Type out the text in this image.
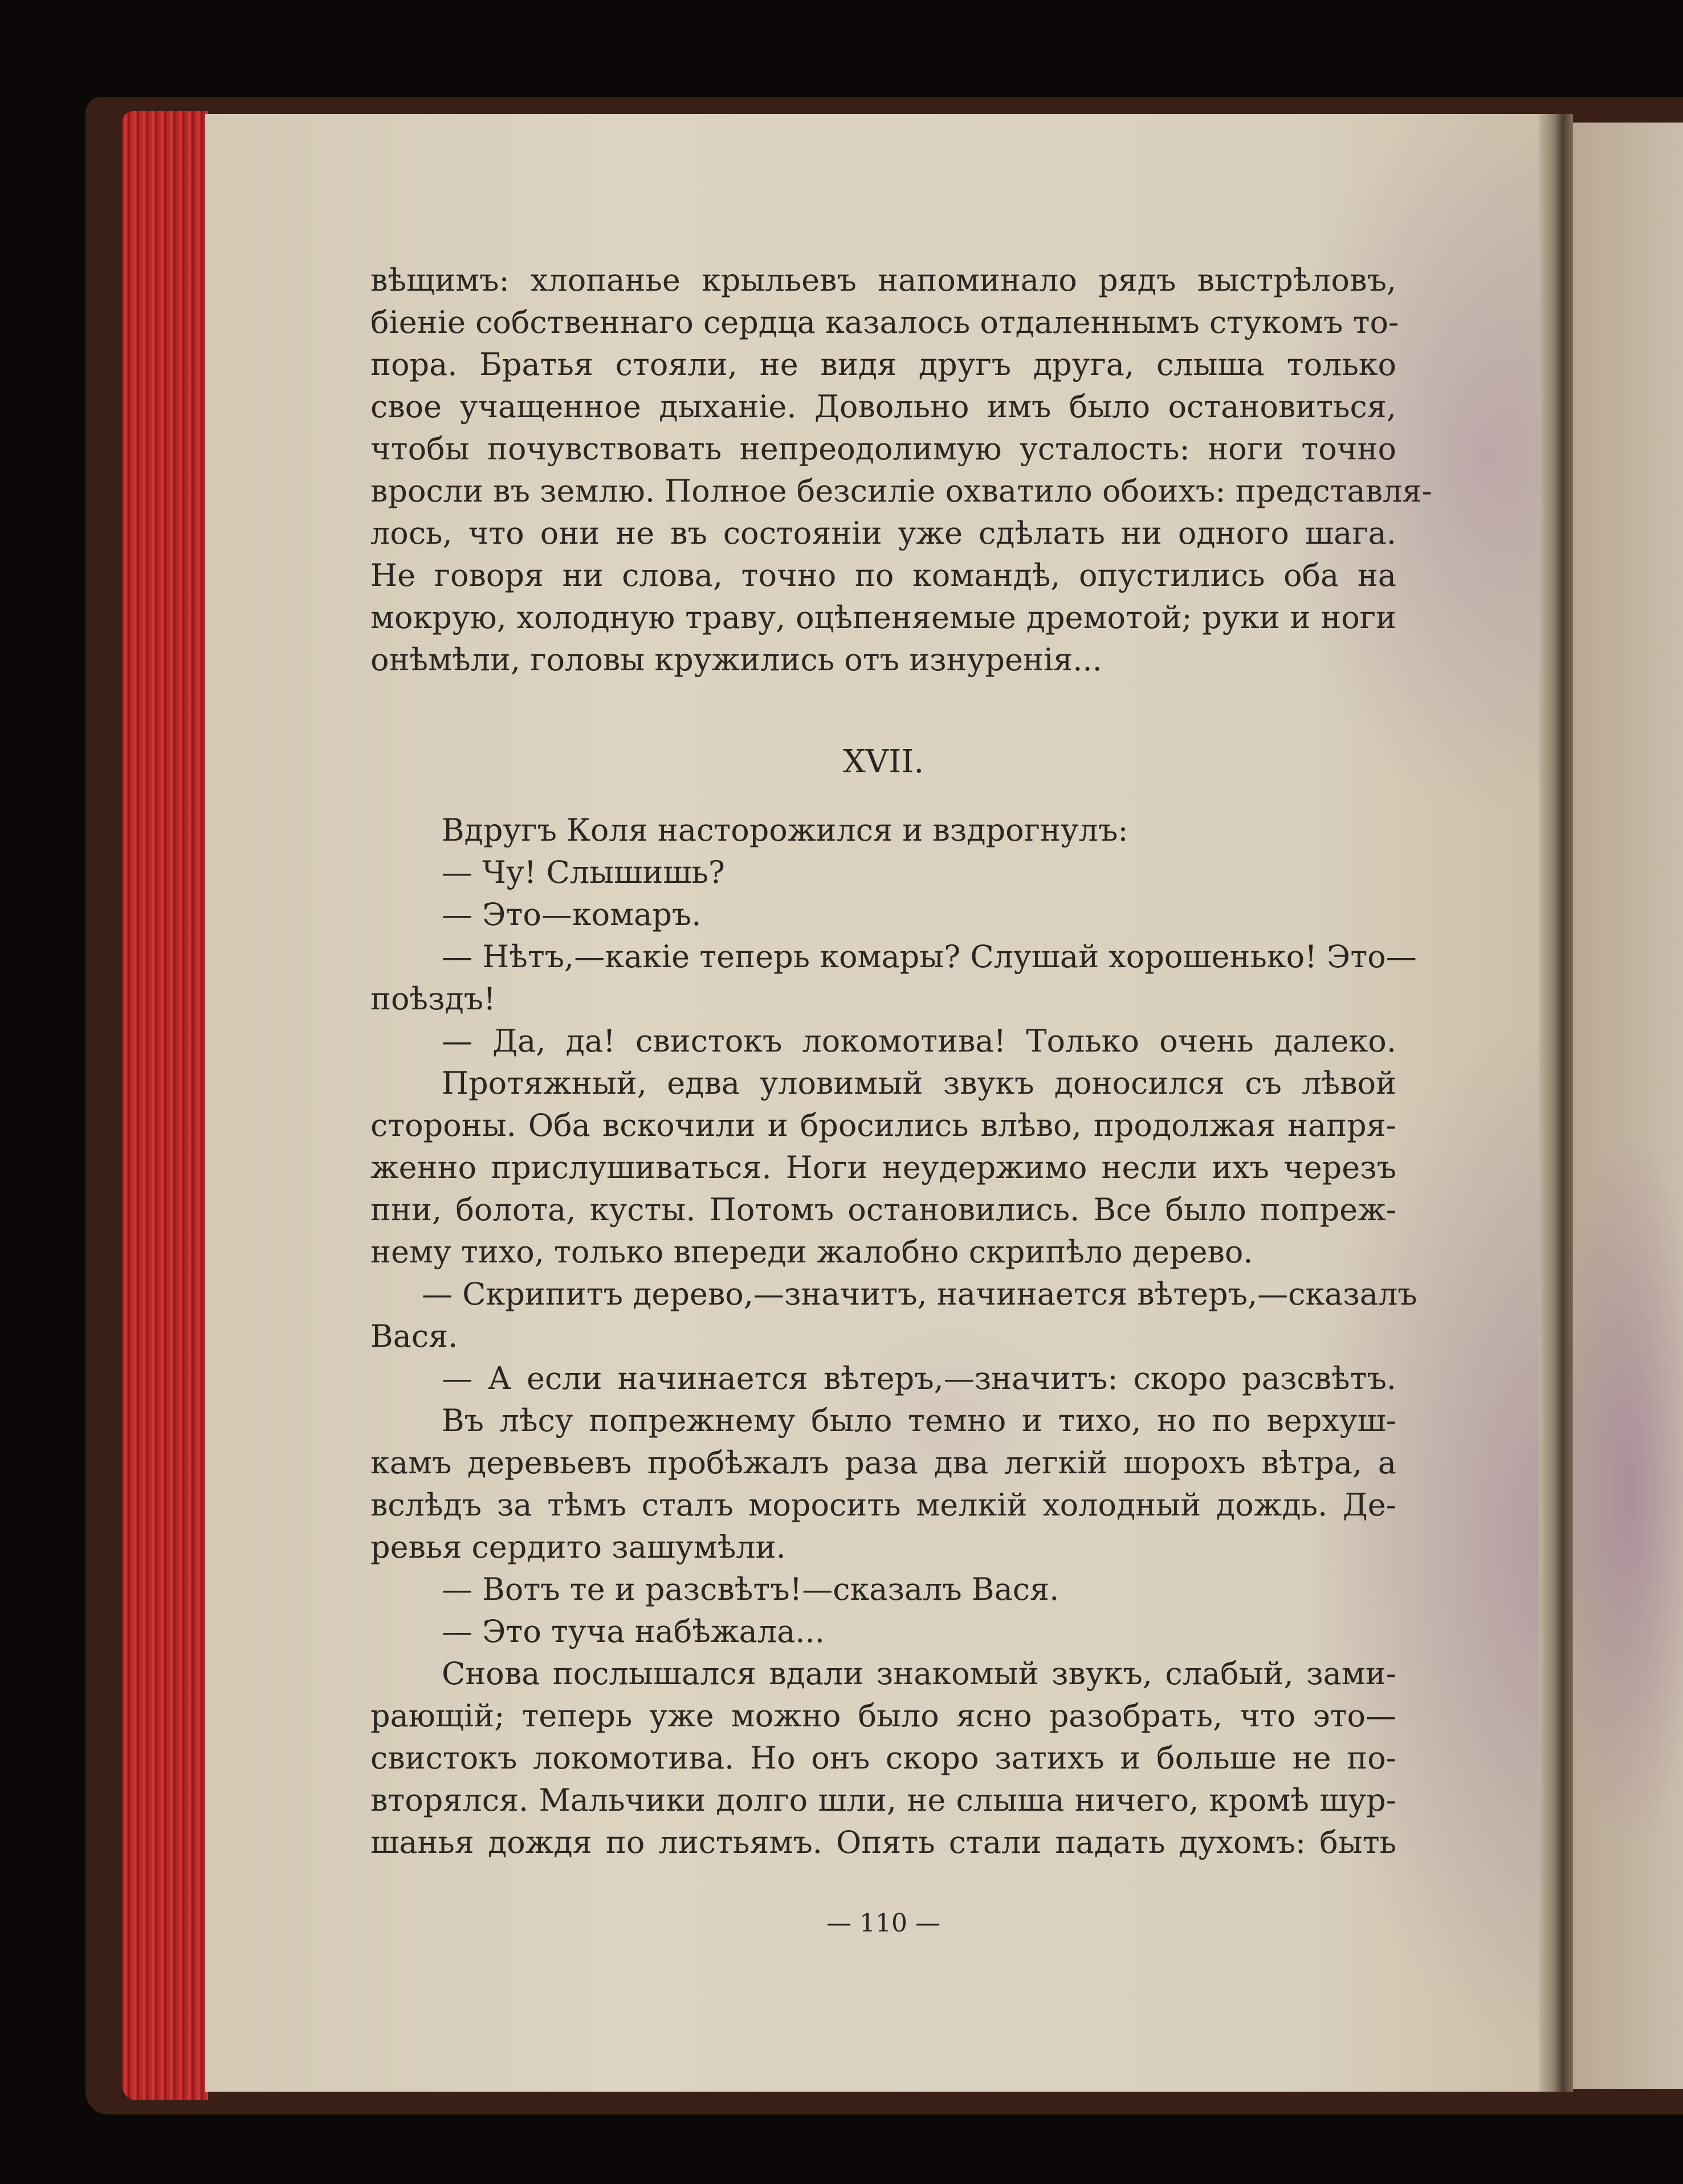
вѣщимъ: хлопанье крыльевъ напоминало рядъ выстрѣловъ,
біеніе собственнаго сердца казалось отдаленнымъ стукомъ то-
пора. Братья стояли, не видя другъ друга, слыша только
свое учащенное дыханіе. Довольно имъ было остановиться,
чтобы почувствовать непреодолимую усталость: ноги точно
вросли въ землю. Полное безсиліе охватило обоихъ: представля-
лось, что они не въ состояніи уже сдѣлать ни одного шага.
Не говоря ни слова, точно по командѣ, опустились оба на
мокрую, холодную траву, оцѣпеняемые дремотой; руки и ноги
онѣмѣли, головы кружились отъ изнуренія...
XVII.
Вдругъ Коля насторожился и вздрогнулъ:
— Чу! Слышишь?
— Это—комаръ.
— Нѣтъ,—какіе теперь комары? Слушай хорошенько! Это—
поѣздъ!
— Да, да! свистокъ локомотива! Только очень далеко.
Протяжный, едва уловимый звукъ доносился съ лѣвой
стороны. Оба вскочили и бросились влѣво, продолжая напря-
женно прислушиваться. Ноги неудержимо несли ихъ черезъ
пни, болота, кусты. Потомъ остановились. Все было попреж-
нему тихо, только впереди жалобно скрипѣло дерево.
— Скрипитъ дерево,—значитъ, начинается вѣтеръ,—сказалъ
Вася.
— А если начинается вѣтеръ,—значитъ: скоро разсвѣтъ.
Въ лѣсу попрежнему было темно и тихо, но по верхуш-
камъ деревьевъ пробѣжалъ раза два легкій шорохъ вѣтра, а
вслѣдъ за тѣмъ сталъ моросить мелкій холодный дождь. Де-
ревья сердито зашумѣли.
— Вотъ те и разсвѣтъ!—сказалъ Вася.
— Это туча набѣжала...
Снова послышался вдали знакомый звукъ, слабый, зами-
рающій; теперь уже можно было ясно разобрать, что это—
свистокъ локомотива. Но онъ скоро затихъ и больше не по-
вторялся. Мальчики долго шли, не слыша ничего, кромѣ шур-
шанья дождя по листьямъ. Опять стали падать духомъ: быть
— 110 —
